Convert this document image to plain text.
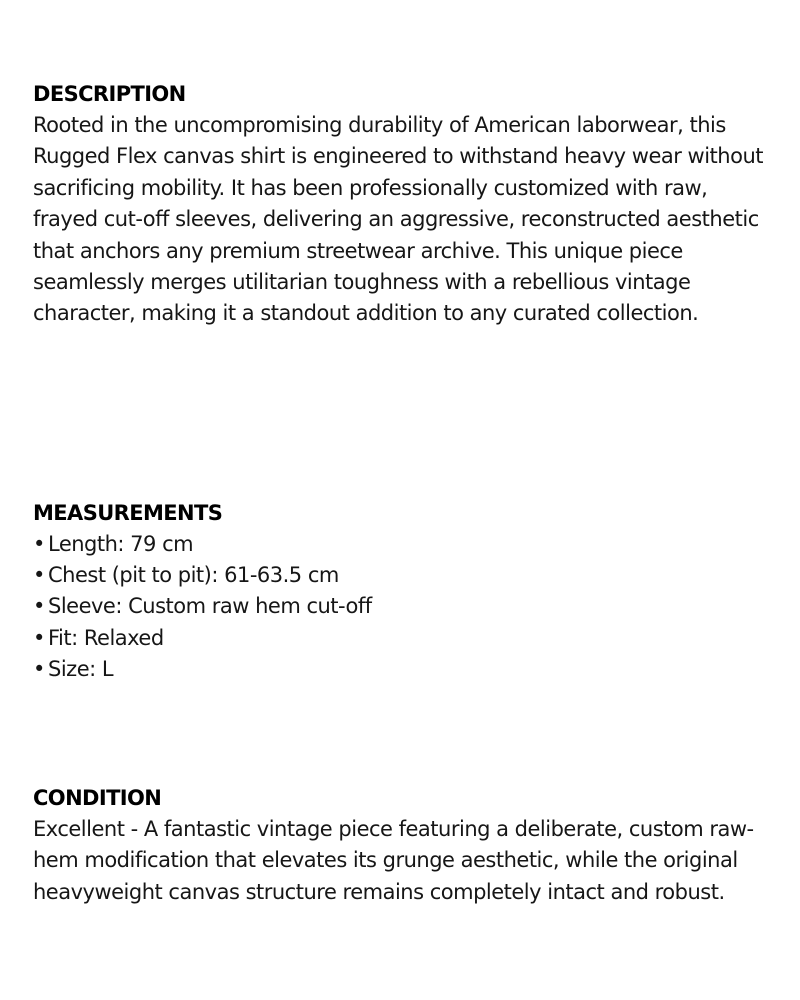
DESCRIPTION

Rooted in the uncompromising durability of American laborwear, this Rugged Flex canvas shirt is engineered to withstand heavy wear without sacrificing mobility. It has been professionally customized with raw, frayed cut-off sleeves, delivering an aggressive, reconstructed aesthetic that anchors any premium streetwear archive. This unique piece seamlessly merges utilitarian toughness with a rebellious vintage character, making it a standout addition to any curated collection.

MEASUREMENTS
• Length: 79 cm
• Chest (pit to pit): 61-63.5 cm
• Sleeve: Custom raw hem cut-off
• Fit: Relaxed
• Size: L
CONDITION

Excellent - A fantastic vintage piece featuring a deliberate, custom raw-hem modification that elevates its grunge aesthetic, while the original heavyweight canvas structure remains completely intact and robust.
